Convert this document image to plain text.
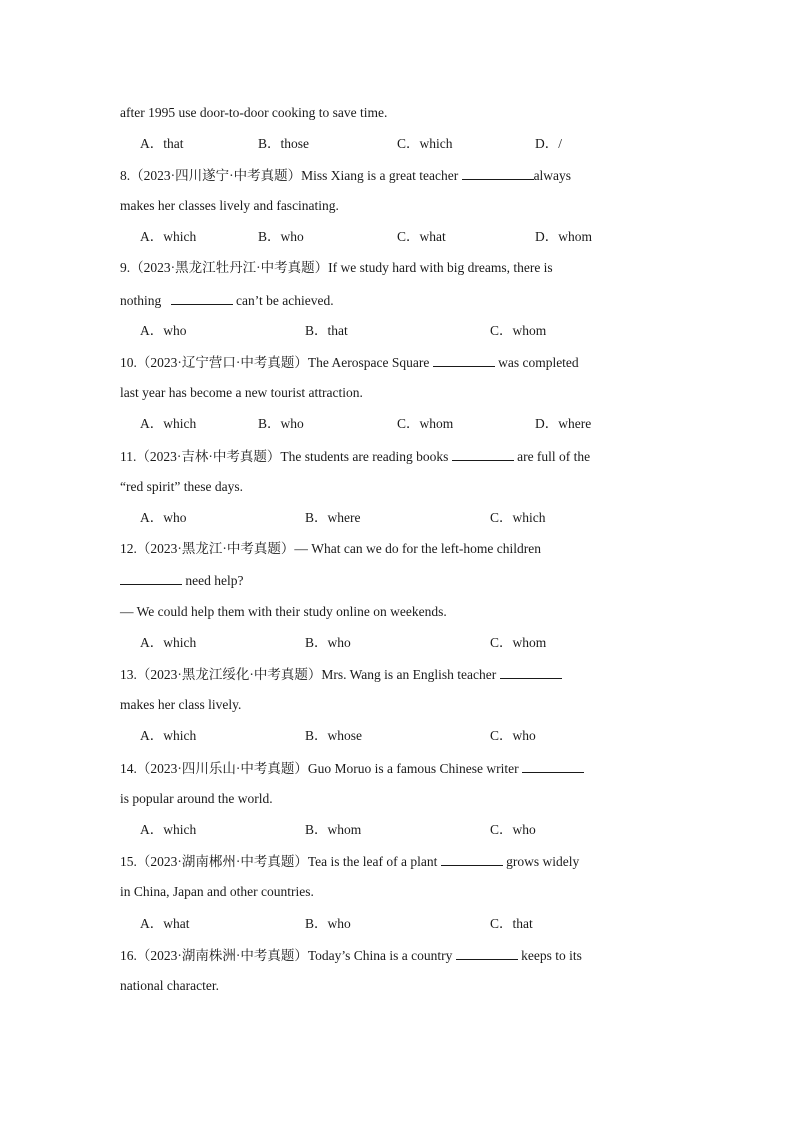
after 1995 use door-to-door cooking to save time.
A．that	B．those	C．which	D．/
8.（2023·四川遂宁·中考真题）Miss Xiang is a great teacher	always
makes her classes lively and fascinating.
A．which	B．who	C．what	D．whom
9.（2023·黑龙江牡丹江·中考真题）If we study hard with big dreams, there is
nothing	can’t be achieved.
A．who	B．that	C．whom
10.（2023·辽宁营口·中考真题）The Aerospace Square	was completed
last year has become a new tourist attraction.
A．which	B．who	C．whom	D．where
11.（2023·吉林·中考真题）The students are reading books	are full of the
“red spirit” these days.
A．who	B．where	C．which
12.（2023·黑龙江·中考真题）— What can we do for the left-home children
need help?
— We could help them with their study online on weekends.
A．which	B．who	C．whom
13.（2023·黑龙江绥化·中考真题）Mrs. Wang is an English teacher
makes her class lively.
A．which	B．whose	C．who
14.（2023·四川乐山·中考真题）Guo Moruo is a famous Chinese writer
is popular around the world.
A．which	B．whom	C．who
15.（2023·湖南郴州·中考真题）Tea is the leaf of a plant	grows widely
in China, Japan and other countries.
A．what	B．who	C．that
16.（2023·湖南株洲·中考真题）Today’s China is a country	keeps to its
national character.
